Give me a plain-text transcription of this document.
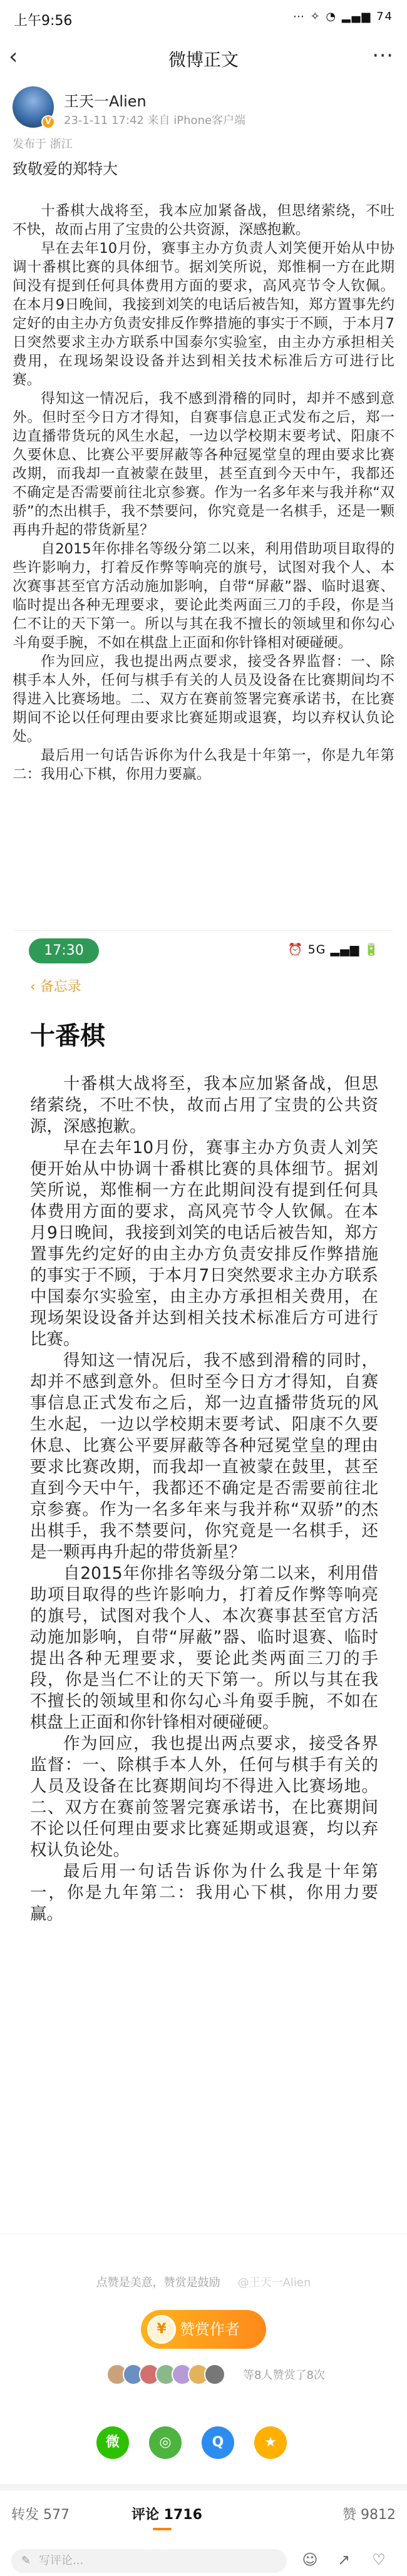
上午9:56	⋯ ✧ ◔ ▂▄▆ 74
‹	微博正文	⋯
V
王天一Alien
23-1-11 17:42 来自 iPhone客户端
发布于 浙江
致敬爱的郑特大

十番棋大战将至，我本应加紧备战，但思绪萦绕，不吐不快，故而占用了宝贵的公共资源，深感抱歉。

早在去年10月份，赛事主办方负责人刘笑便开始从中协调十番棋比赛的具体细节。据刘笑所说，郑惟桐一方在此期间没有提到任何具体费用方面的要求，高风亮节令人钦佩。在本月9日晚间，我接到刘笑的电话后被告知，郑方置事先约定好的由主办方负责安排反作弊措施的事实于不顾，于本月7日突然要求主办方联系中国泰尔实验室，由主办方承担相关费用，在现场架设设备并达到相关技术标准后方可进行比赛。

得知这一情况后，我不感到滑稽的同时，却并不感到意外。但时至今日方才得知，自赛事信息正式发布之后，郑一边直播带货玩的风生水起，一边以学校期末要考试、阳康不久要休息、比赛公平要屏蔽等各种冠冕堂皇的理由要求比赛改期，而我却一直被蒙在鼓里，甚至直到今天中午，我都还不确定是否需要前往北京参赛。作为一名多年来与我并称“双骄”的杰出棋手，我不禁要问，你究竟是一名棋手，还是一颗再冉升起的带货新星？

自2015年你排名等级分第二以来，利用借助项目取得的些许影响力，打着反作弊等响亮的旗号，试图对我个人、本次赛事甚至官方活动施加影响，自带“屏蔽”器、临时退赛、临时提出各种无理要求，要论此类两面三刀的手段，你是当仁不让的天下第一。所以与其在我不擅长的领域里和你勾心斗角耍手腕，不如在棋盘上正面和你针锋相对硬碰硬。

作为回应，我也提出两点要求，接受各界监督：一、除棋手本人外，任何与棋手有关的人员及设备在比赛期间均不得进入比赛场地。二、双方在赛前签署完赛承诺书，在比赛期间不论以任何理由要求比赛延期或退赛，均以弃权认负论处。

最后用一句话告诉你为什么我是十年第一，你是九年第二：我用心下棋，你用力要赢。

17:30	⏰ 5G ▂▄▆ 🔋
‹ 备忘录
十番棋

十番棋大战将至，我本应加紧备战，但思绪萦绕，不吐不快，故而占用了宝贵的公共资源，深感抱歉。

早在去年10月份，赛事主办方负责人刘笑便开始从中协调十番棋比赛的具体细节。据刘笑所说，郑惟桐一方在此期间没有提到任何具体费用方面的要求，高风亮节令人钦佩。在本月9日晚间，我接到刘笑的电话后被告知，郑方置事先约定好的由主办方负责安排反作弊措施的事实于不顾，于本月7日突然要求主办方联系中国泰尔实验室，由主办方承担相关费用，在现场架设设备并达到相关技术标准后方可进行比赛。

得知这一情况后，我不感到滑稽的同时，却并不感到意外。但时至今日方才得知，自赛事信息正式发布之后，郑一边直播带货玩的风生水起，一边以学校期末要考试、阳康不久要休息、比赛公平要屏蔽等各种冠冕堂皇的理由要求比赛改期，而我却一直被蒙在鼓里，甚至直到今天中午，我都还不确定是否需要前往北京参赛。作为一名多年来与我并称“双骄”的杰出棋手，我不禁要问，你究竟是一名棋手，还是一颗再冉升起的带货新星？

自2015年你排名等级分第二以来，利用借助项目取得的些许影响力，打着反作弊等响亮的旗号，试图对我个人、本次赛事甚至官方活动施加影响，自带“屏蔽”器、临时退赛、临时提出各种无理要求，要论此类两面三刀的手段，你是当仁不让的天下第一。所以与其在我不擅长的领域里和你勾心斗角耍手腕，不如在棋盘上正面和你针锋相对硬碰硬。

作为回应，我也提出两点要求，接受各界监督：一、除棋手本人外，任何与棋手有关的人员及设备在比赛期间均不得进入比赛场地。二、双方在赛前签署完赛承诺书，在比赛期间不论以任何理由要求比赛延期或退赛，均以弃权认负论处。

最后用一句话告诉你为什么我是十年第一，你是九年第二：我用心下棋，你用力要赢。

点赞是美意，赞赏是鼓励 @王天一Alien
¥ 赞赏作者
等8人赞赏了8次
微	◎	Q	★
转发 577	评论 1716	赞 9812
✎ 写评论...	☺ ↗ ♡
